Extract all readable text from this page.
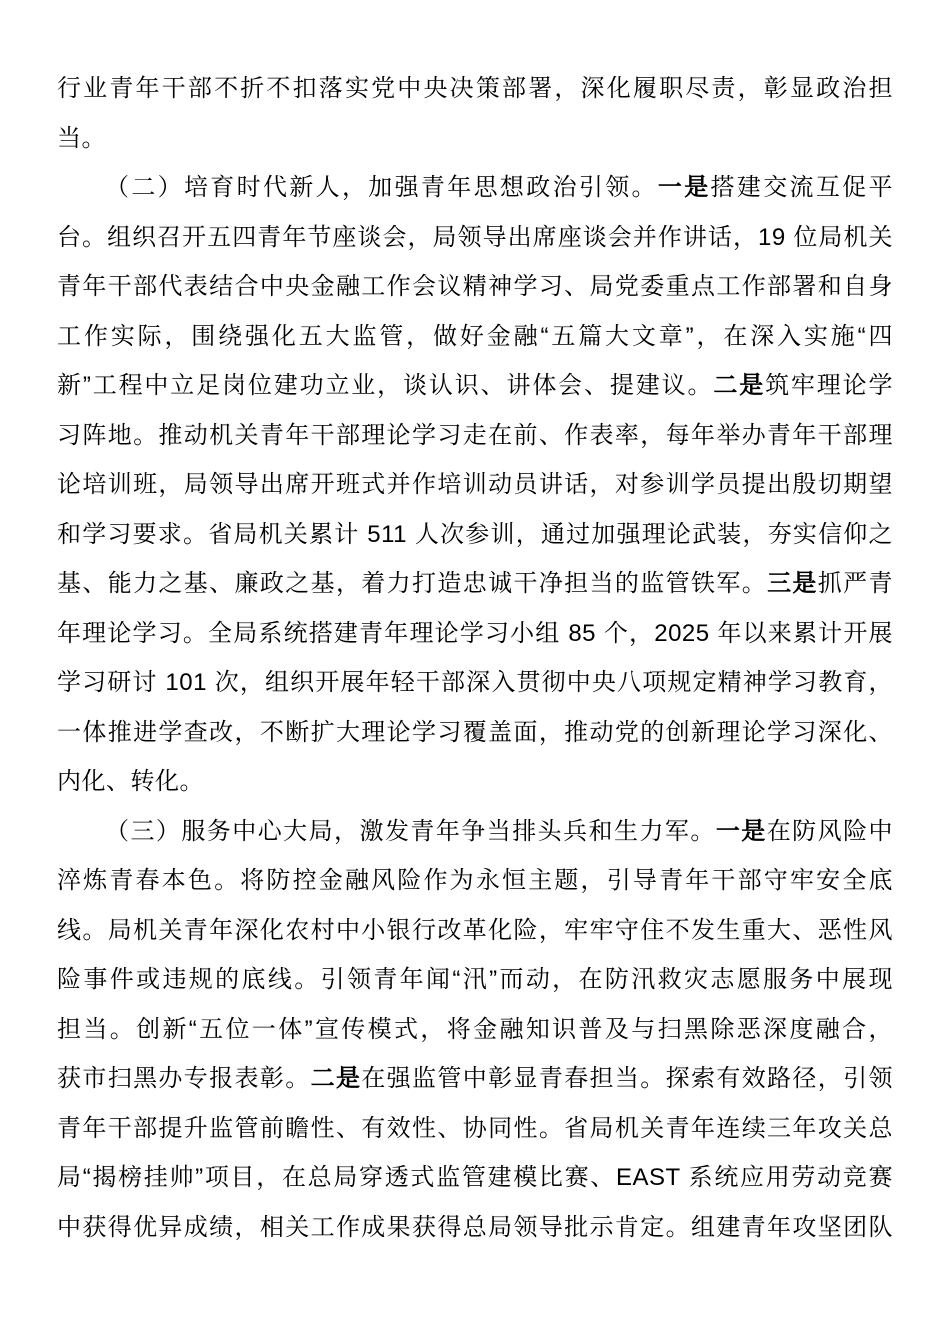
行业青年干部不折不扣落实党中央决策部署，深化履职尽责，彰显政治担
当。
（二）培育时代新人，加强青年思想政治引领。一是搭建交流互促平
台。组织召开五四青年节座谈会，局领导出席座谈会并作讲话，19 位局机关
青年干部代表结合中央金融工作会议精神学习、局党委重点工作部署和自身
工作实际，围绕强化五大监管，做好金融“五篇大文章”，在深入实施“四
新”工程中立足岗位建功立业，谈认识、讲体会、提建议。二是筑牢理论学
习阵地。推动机关青年干部理论学习走在前、作表率，每年举办青年干部理
论培训班，局领导出席开班式并作培训动员讲话，对参训学员提出殷切期望
和学习要求。省局机关累计 511 人次参训，通过加强理论武装，夯实信仰之
基、能力之基、廉政之基，着力打造忠诚干净担当的监管铁军。三是抓严青
年理论学习。全局系统搭建青年理论学习小组 85 个，2025 年以来累计开展
学习研讨 101 次，组织开展年轻干部深入贯彻中央八项规定精神学习教育，
一体推进学查改，不断扩大理论学习覆盖面，推动党的创新理论学习深化、
内化、转化。
（三）服务中心大局，激发青年争当排头兵和生力军。一是在防风险中
淬炼青春本色。将防控金融风险作为永恒主题，引导青年干部守牢安全底
线。局机关青年深化农村中小银行改革化险，牢牢守住不发生重大、恶性风
险事件或违规的底线。引领青年闻“汛”而动，在防汛救灾志愿服务中展现
担当。创新“五位一体”宣传模式，将金融知识普及与扫黑除恶深度融合，
获市扫黑办专报表彰。二是在强监管中彰显青春担当。探索有效路径，引领
青年干部提升监管前瞻性、有效性、协同性。省局机关青年连续三年攻关总
局“揭榜挂帅”项目，在总局穿透式监管建模比赛、EAST 系统应用劳动竞赛
中获得优异成绩，相关工作成果获得总局领导批示肯定。组建青年攻坚团队
